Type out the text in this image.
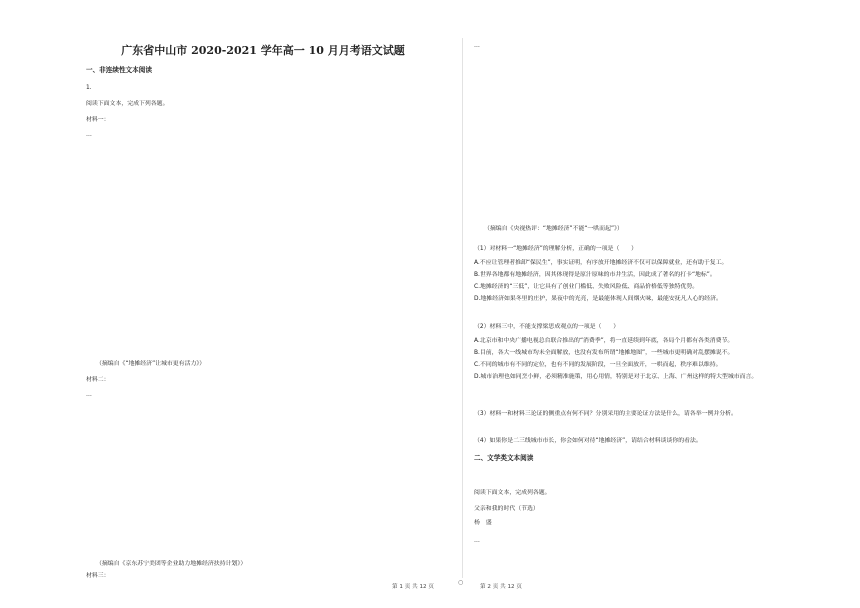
广东省中山市 2020-2021 学年高一 10 月月考语文试题
一、非连续性文本阅读
1.
阅读下面文本，完成下列各题。
材料一：
…
（摘编自《“地摊经济”让城市更有活力》）
材料二：
…
（摘编自《京东苏宁美团等企业助力地摊经济扶持计划》）
材料三：
第 1 页 共 12 页
○
第 2 页 共 12 页
…
（摘编自《央视热评：“地摊经济”不能“一哄而起”》）
（1）对材料一“地摊经济”的理解分析，正确的一项是（　　）
A.不应让管理者推卸“保民生”，事实证明，有序放开地摊经济不仅可以保障就业，还有助于复工。
B.世界各地都有地摊经济，因其体现得是原汁原味的市井生活，因此成了著名的打卡“地标”。
C.地摊经济的“三低”，让它具有了创业门槛低、失败风险低、商品价格低等独特优势。
D.地摊经济如果冬里的庄护，果夜中的光亮，是最能体现人间烟火味，最能安抚凡人心的经济。
（2）材料三中，不能支撑梁思成观点的一项是（　　）
A.北京市和中央广播电视总台联合推出的“消费季”，将一直延续到年底，各局个月都有各类消费节。
B.目前，各大一线城市均未全面解放，也没有发布所谓“地摊地图”，一些城市更明确对乱摆摊说不。
C.不同的城市有不同的定位，也有不同的发展阶段，一旦全面放开，一哄而起，秩序难以维持。
D.城市治理也如同烹小鲜，必须精准施策，用心用情，特别是对于北京、上海、广州这样的特大型城市而言。
（3）材料一和材料三论证的侧重点有何不同？分别采用的主要论证方法是什么，请各举一例并分析。
（4）如果你是二三线城市市长，你会如何对待“地摊经济”，请结合材料谈谈你的看法。
二、文学类文本阅读
阅读下面文本，完成列各题。
父亲和我的时代（节选）
杨　盛
…
